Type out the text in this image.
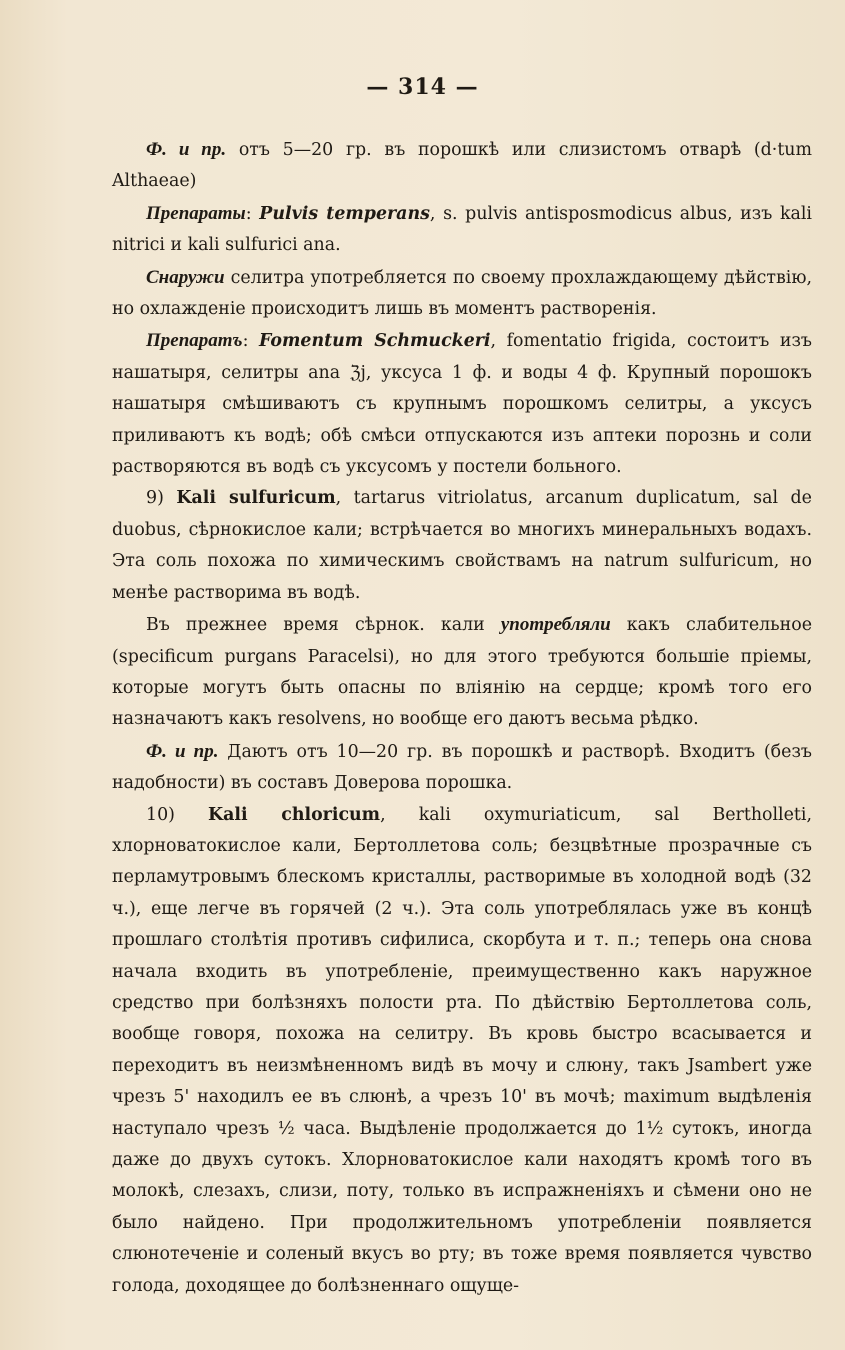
— 314 —

Ф. и пр. отъ 5—20 гр. въ порошкѣ или слизистомъ отварѣ (d·tum Althaeae)

Препараты: Pulvis temperans, s. pulvis antisposmodicus albus, изъ kali nitrici и kali sulfurici ana.

Снаружи селитра употребляется по своему прохлаждающему дѣйствію, но охлажденіе происходитъ лишь въ моментъ растворенія.

Препаратъ: Fomentum Schmuckeri, fomentatio frigida, состоитъ изъ нашатыря, селитры ana ℨj, уксуса 1 ф. и воды 4 ф. Крупный порошокъ нашатыря смѣшиваютъ съ крупнымъ порошкомъ селитры, а уксусъ приливаютъ къ водѣ; обѣ смѣси отпускаются изъ аптеки порознь и соли растворяются въ водѣ съ уксусомъ у постели больного.

9) Kali sulfuricum, tartarus vitriolatus, arcanum duplicatum, sal de duobus, сѣрнокислое кали; встрѣчается во многихъ минеральныхъ водахъ. Эта соль похожа по химическимъ свойствамъ на natrum sulfuricum, но менѣе растворима въ водѣ.

Въ прежнее время сѣрнок. кали употребляли какъ слабительное (specificum purgans Paracelsi), но для этого требуются большіе пріемы, которые могутъ быть опасны по вліянію на сердце; кромѣ того его назначаютъ какъ resolvens, но вообще его даютъ весьма рѣдко.

Ф. и пр. Даютъ отъ 10—20 гр. въ порошкѣ и растворѣ. Входитъ (безъ надобности) въ составъ Доверова порошка.

10) Kali chloricum, kali oxymuriaticum, sal Bertholleti, хлорноватокислое кали, Бертоллетова соль; безцвѣтные прозрачные съ перламутровымъ блескомъ кристаллы, растворимые въ холодной водѣ (32 ч.), еще легче въ горячей (2 ч.). Эта соль употреблялась уже въ концѣ прошлаго столѣтія противъ сифилиса, скорбута и т. п.; теперь она снова начала входить въ употребленіе, преимущественно какъ наружное средство при болѣзняхъ полости рта. По дѣйствію Бертоллетова соль, вообще говоря, похожа на селитру. Въ кровь быстро всасывается и переходитъ въ неизмѣненномъ видѣ въ мочу и слюну, такъ Jsambert уже чрезъ 5' находилъ ее въ слюнѣ, а чрезъ 10' въ мочѣ; maximum выдѣленія наступало чрезъ ½ часа. Выдѣленіе продолжается до 1½ сутокъ, иногда даже до двухъ сутокъ. Хлорноватокислое кали находятъ кромѣ того въ молокѣ, слезахъ, слизи, поту, только въ испражненіяхъ и сѣмени оно не было найдено. При продолжительномъ употребленіи появляется слюнотеченіе и соленый вкусъ во рту; въ тоже время появляется чувство голода, доходящее до болѣзненнаго ощуще-
